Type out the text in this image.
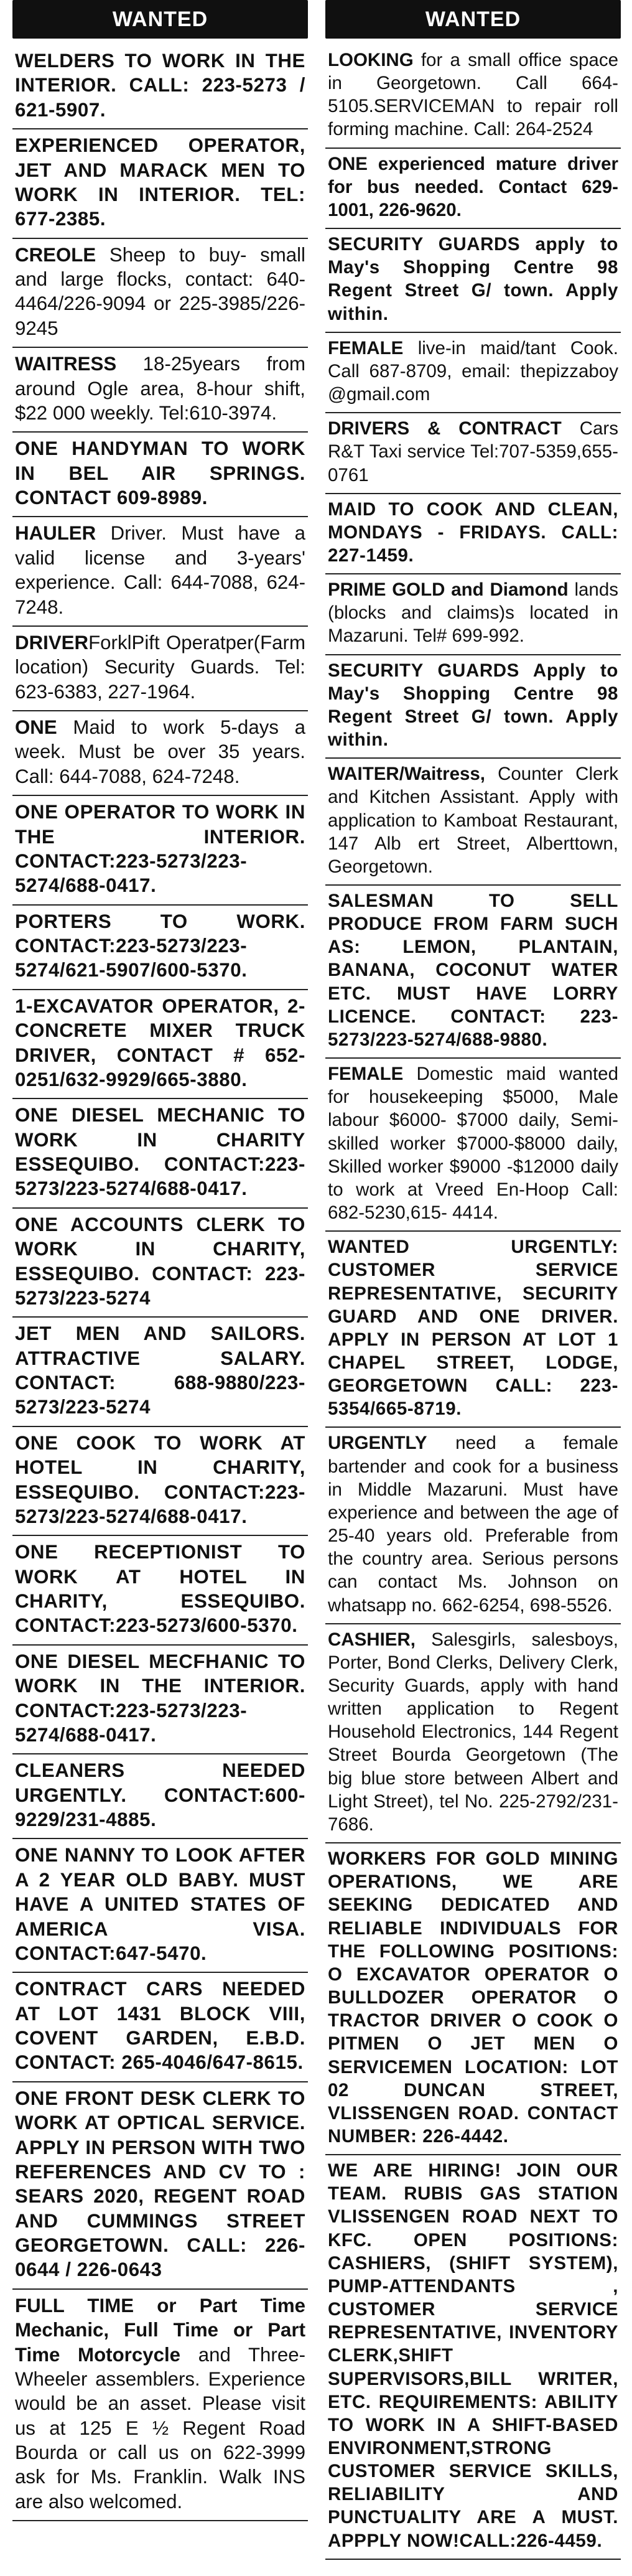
WANTED
WELDERS TO WORK IN THE INTERIOR. CALL: 223-5273 / 621-5907.
EXPERIENCED OPERATOR, JET AND MARACK MEN TO WORK IN INTERIOR. TEL: 677-2385.
CREOLE Sheep to buy- small and large flocks, contact: 640-4464/226-9094 or 225-3985/226-9245
WAITRESS 18-25years from around Ogle area, 8-hour shift, $22 000 weekly. Tel:610-3974.
ONE HANDYMAN TO WORK IN BEL AIR SPRINGS. CONTACT 609-8989.
HAULER Driver. Must have a valid license and 3-years' experience. Call: 644-7088, 624-7248.
DRIVERForklPift Operatper(Farm location) Security Guards. Tel: 623-6383, 227-1964.
ONE Maid to work 5-days a week. Must be over 35 years. Call: 644-7088, 624-7248.
ONE OPERATOR TO WORK IN THE INTERIOR. CONTACT:223-5273/223-5274/688-0417.
PORTERS TO WORK. CONTACT:223-5273/223-5274/621-5907/600-5370.
1-EXCAVATOR OPERATOR, 2- CONCRETE MIXER TRUCK DRIVER, CONTACT # 652-0251/632-9929/665-3880.
ONE DIESEL MECHANIC TO WORK IN CHARITY ESSEQUIBO. CONTACT:223-5273/223-5274/688-0417.
ONE ACCOUNTS CLERK TO WORK IN CHARITY, ESSEQUIBO. CONTACT: 223-5273/223-5274
JET MEN AND SAILORS. ATTRACTIVE SALARY. CONTACT: 688-9880/223-5273/223-5274
ONE COOK TO WORK AT HOTEL IN CHARITY, ESSEQUIBO. CONTACT:223-5273/223-5274/688-0417.
ONE RECEPTIONIST TO WORK AT HOTEL IN CHARITY, ESSEQUIBO. CONTACT:223-5273/600-5370.
ONE DIESEL MECFHANIC TO WORK IN THE INTERIOR. CONTACT:223-5273/223-5274/688-0417.
CLEANERS NEEDED URGENTLY. CONTACT:600-9229/231-4885.
ONE NANNY TO LOOK AFTER A 2 YEAR OLD BABY. MUST HAVE A UNITED STATES OF AMERICA VISA. CONTACT:647-5470.
CONTRACT CARS NEEDED AT LOT 1431 BLOCK VIII, COVENT GARDEN, E.B.D. CONTACT: 265-4046/647-8615.
ONE FRONT DESK CLERK TO WORK AT OPTICAL SERVICE. APPLY IN PERSON WITH TWO REFERENCES AND CV TO : SEARS 2020, REGENT ROAD AND CUMMINGS STREET GEORGETOWN. CALL: 226-0644 / 226-0643
FULL TIME or Part Time Mechanic, Full Time or Part Time Motorcycle and Three-Wheeler assemblers. Experience would be an asset. Please visit us at 125 E ½ Regent Road Bourda or call us on 622-3999 ask for Ms. Franklin. Walk INS are also welcomed.
WANTED
LOOKING for a small office space in Georgetown. Call 664-5105.SERVICEMAN to repair roll forming machine. Call: 264-2524
ONE experienced mature driver for bus needed. Contact 629-1001, 226-9620.
SECURITY GUARDS apply to May's Shopping Centre 98 Regent Street G/ town. Apply within.
FEMALE live-in maid/tant Cook. Call 687-8709, email: thepizzaboy @gmail.com
DRIVERS & CONTRACT Cars R&T Taxi service Tel:707-5359,655-0761
MAID TO COOK AND CLEAN, MONDAYS - FRIDAYS. CALL: 227-1459.
PRIME GOLD and Diamond lands (blocks and claims)s located in Mazaruni. Tel# 699-992.
SECURITY GUARDS Apply to May's Shopping Centre 98 Regent Street G/ town. Apply within.
WAITER/Waitress, Counter Clerk and Kitchen Assistant. Apply with application to Kamboat Restaurant, 147 Alb ert Street, Alberttown, Georgetown.
SALESMAN TO SELL PRODUCE FROM FARM SUCH AS: LEMON, PLANTAIN, BANANA, COCONUT WATER ETC. MUST HAVE LORRY LICENCE. CONTACT: 223-5273/223-5274/688-9880.
FEMALE Domestic maid wanted for housekeeping $5000, Male labour $6000- $7000 daily, Semi-skilled worker $7000-$8000 daily, Skilled worker $9000 -$12000 daily to work at Vreed En-Hoop Call: 682-5230,615- 4414.
WANTED URGENTLY: CUSTOMER SERVICE REPRESENTATIVE, SECURITY GUARD AND ONE DRIVER. APPLY IN PERSON AT LOT 1 CHAPEL STREET, LODGE, GEORGETOWN CALL: 223-5354/665-8719.
URGENTLY need a female bartender and cook for a business in Middle Mazaruni. Must have experience and between the age of 25-40 years old. Preferable from the country area. Serious persons can contact Ms. Johnson on whatsapp no. 662-6254, 698-5526.
CASHIER, Salesgirls, salesboys, Porter, Bond Clerks, Delivery Clerk, Security Guards, apply with hand written application to Regent Household Electronics, 144 Regent Street Bourda Georgetown (The big blue store between Albert and Light Street), tel No. 225-2792/231-7686.
WORKERS FOR GOLD MINING OPERATIONS, WE ARE SEEKING DEDICATED AND RELIABLE INDIVIDUALS FOR THE FOLLOWING POSITIONS: O EXCAVATOR OPERATOR O BULLDOZER OPERATOR O TRACTOR DRIVER O COOK O PITMEN O JET MEN O SERVICEMEN LOCATION: LOT 02 DUNCAN STREET, VLISSENGEN ROAD. CONTACT NUMBER: 226-4442.
WE ARE HIRING! JOIN OUR TEAM. RUBIS GAS STATION VLISSENGEN ROAD NEXT TO KFC. OPEN POSITIONS: CASHIERS, (SHIFT SYSTEM), PUMP-ATTENDANTS , CUSTOMER SERVICE REPRESENTATIVE, INVENTORY CLERK,SHIFT SUPERVISORS,BILL WRITER, ETC. REQUIREMENTS: ABILITY TO WORK IN A SHIFT-BASED ENVIRONMENT,STRONG CUSTOMER SERVICE SKILLS, RELIABILITY AND PUNCTUALITY ARE A MUST. APPPLY NOW!CALL:226-4459.
